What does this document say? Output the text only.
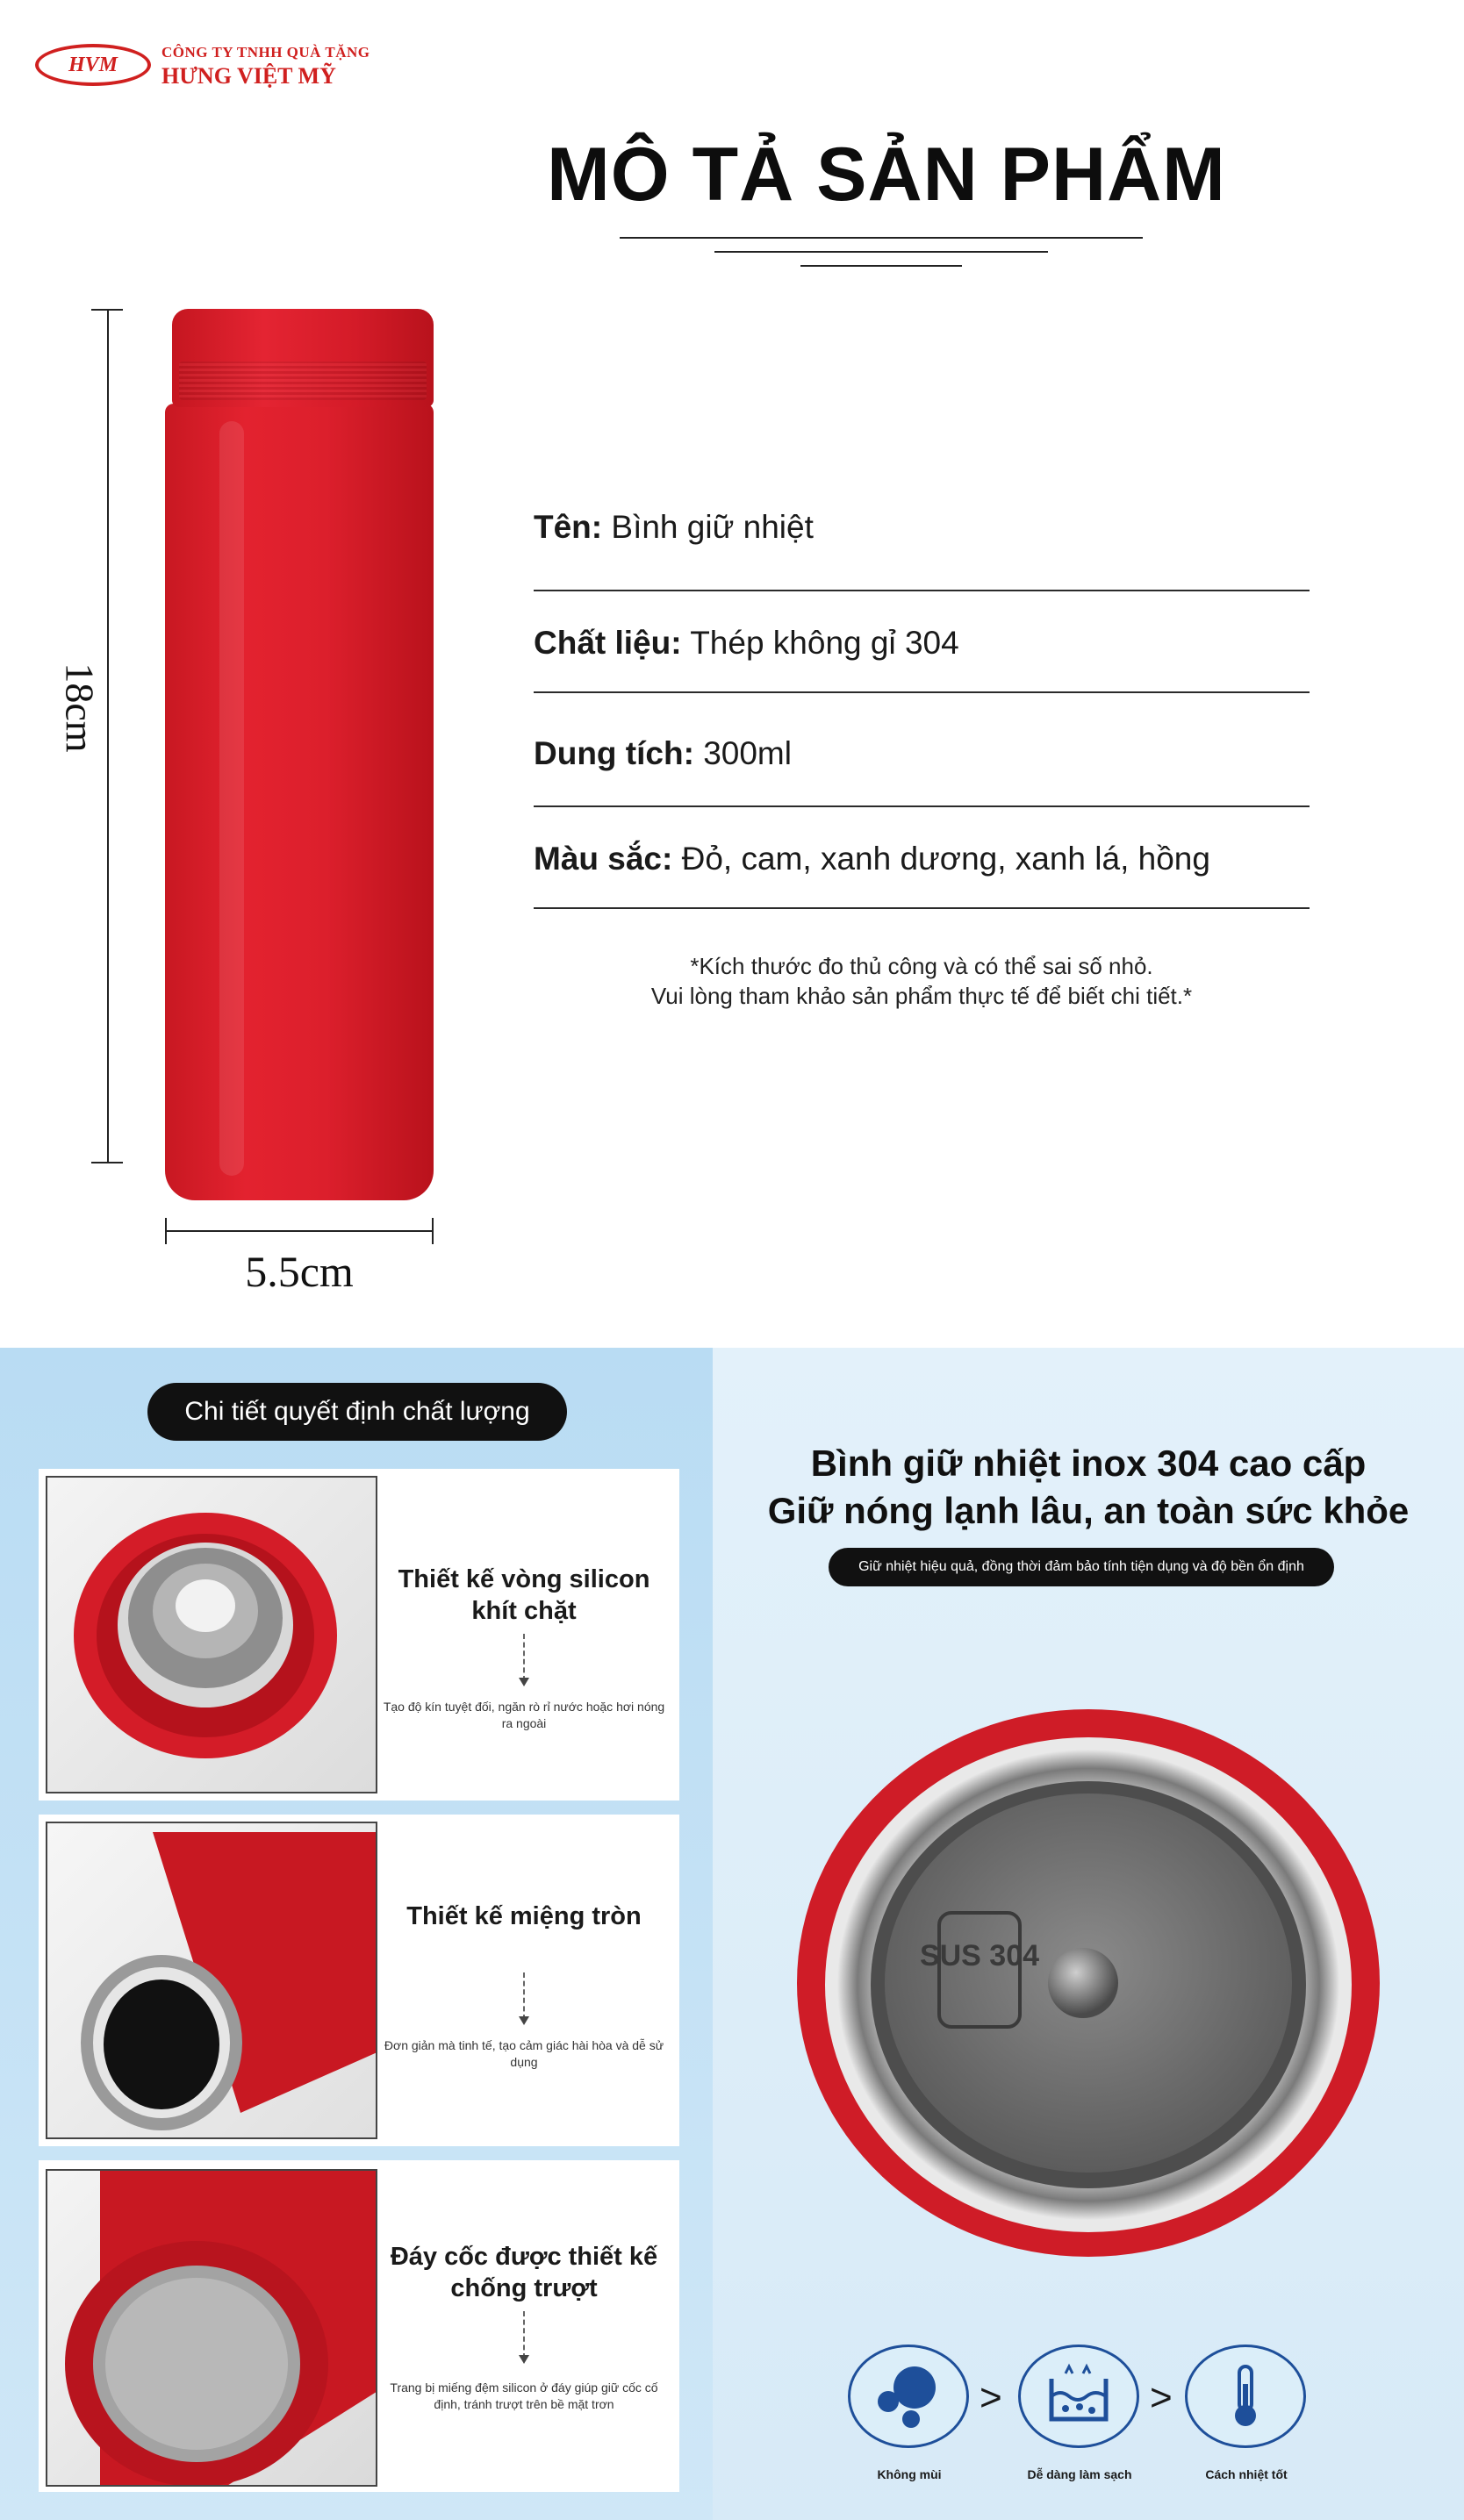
HVM
CÔNG TY TNHH QUÀ TẶNG
HƯNG VIỆT MỸ
MÔ TẢ SẢN PHẨM
18cm
5.5cm
Tên: Bình giữ nhiệt
Chất liệu: Thép không gỉ 304
Dung tích: 300ml
Màu sắc: Đỏ, cam, xanh dương, xanh lá, hồng
*Kích thước đo thủ công và có thể sai số nhỏ.
Vui lòng tham khảo sản phẩm thực tế để biết chi tiết.*
Chi tiết quyết định chất lượng
Thiết kế vòng silicon khít chặt
Tạo độ kín tuyệt đối, ngăn rò rỉ nước hoặc hơi nóng ra ngoài
Thiết kế miệng tròn
Đơn giản mà tinh tế, tạo cảm giác hài hòa và dễ sử dụng
Đáy cốc được thiết kế chống trượt
Trang bị miếng đệm silicon ở đáy giúp giữ cốc cố định, tránh trượt trên bề mặt trơn
Bình giữ nhiệt inox 304 cao cấp
Giữ nóng lạnh lâu, an toàn sức khỏe
Giữ nhiệt hiệu quả, đồng thời đảm bảo tính tiện dụng và độ bền ổn định
SUS 304
>	>
Không mùi	Dễ dàng làm sạch	Cách nhiệt tốt
